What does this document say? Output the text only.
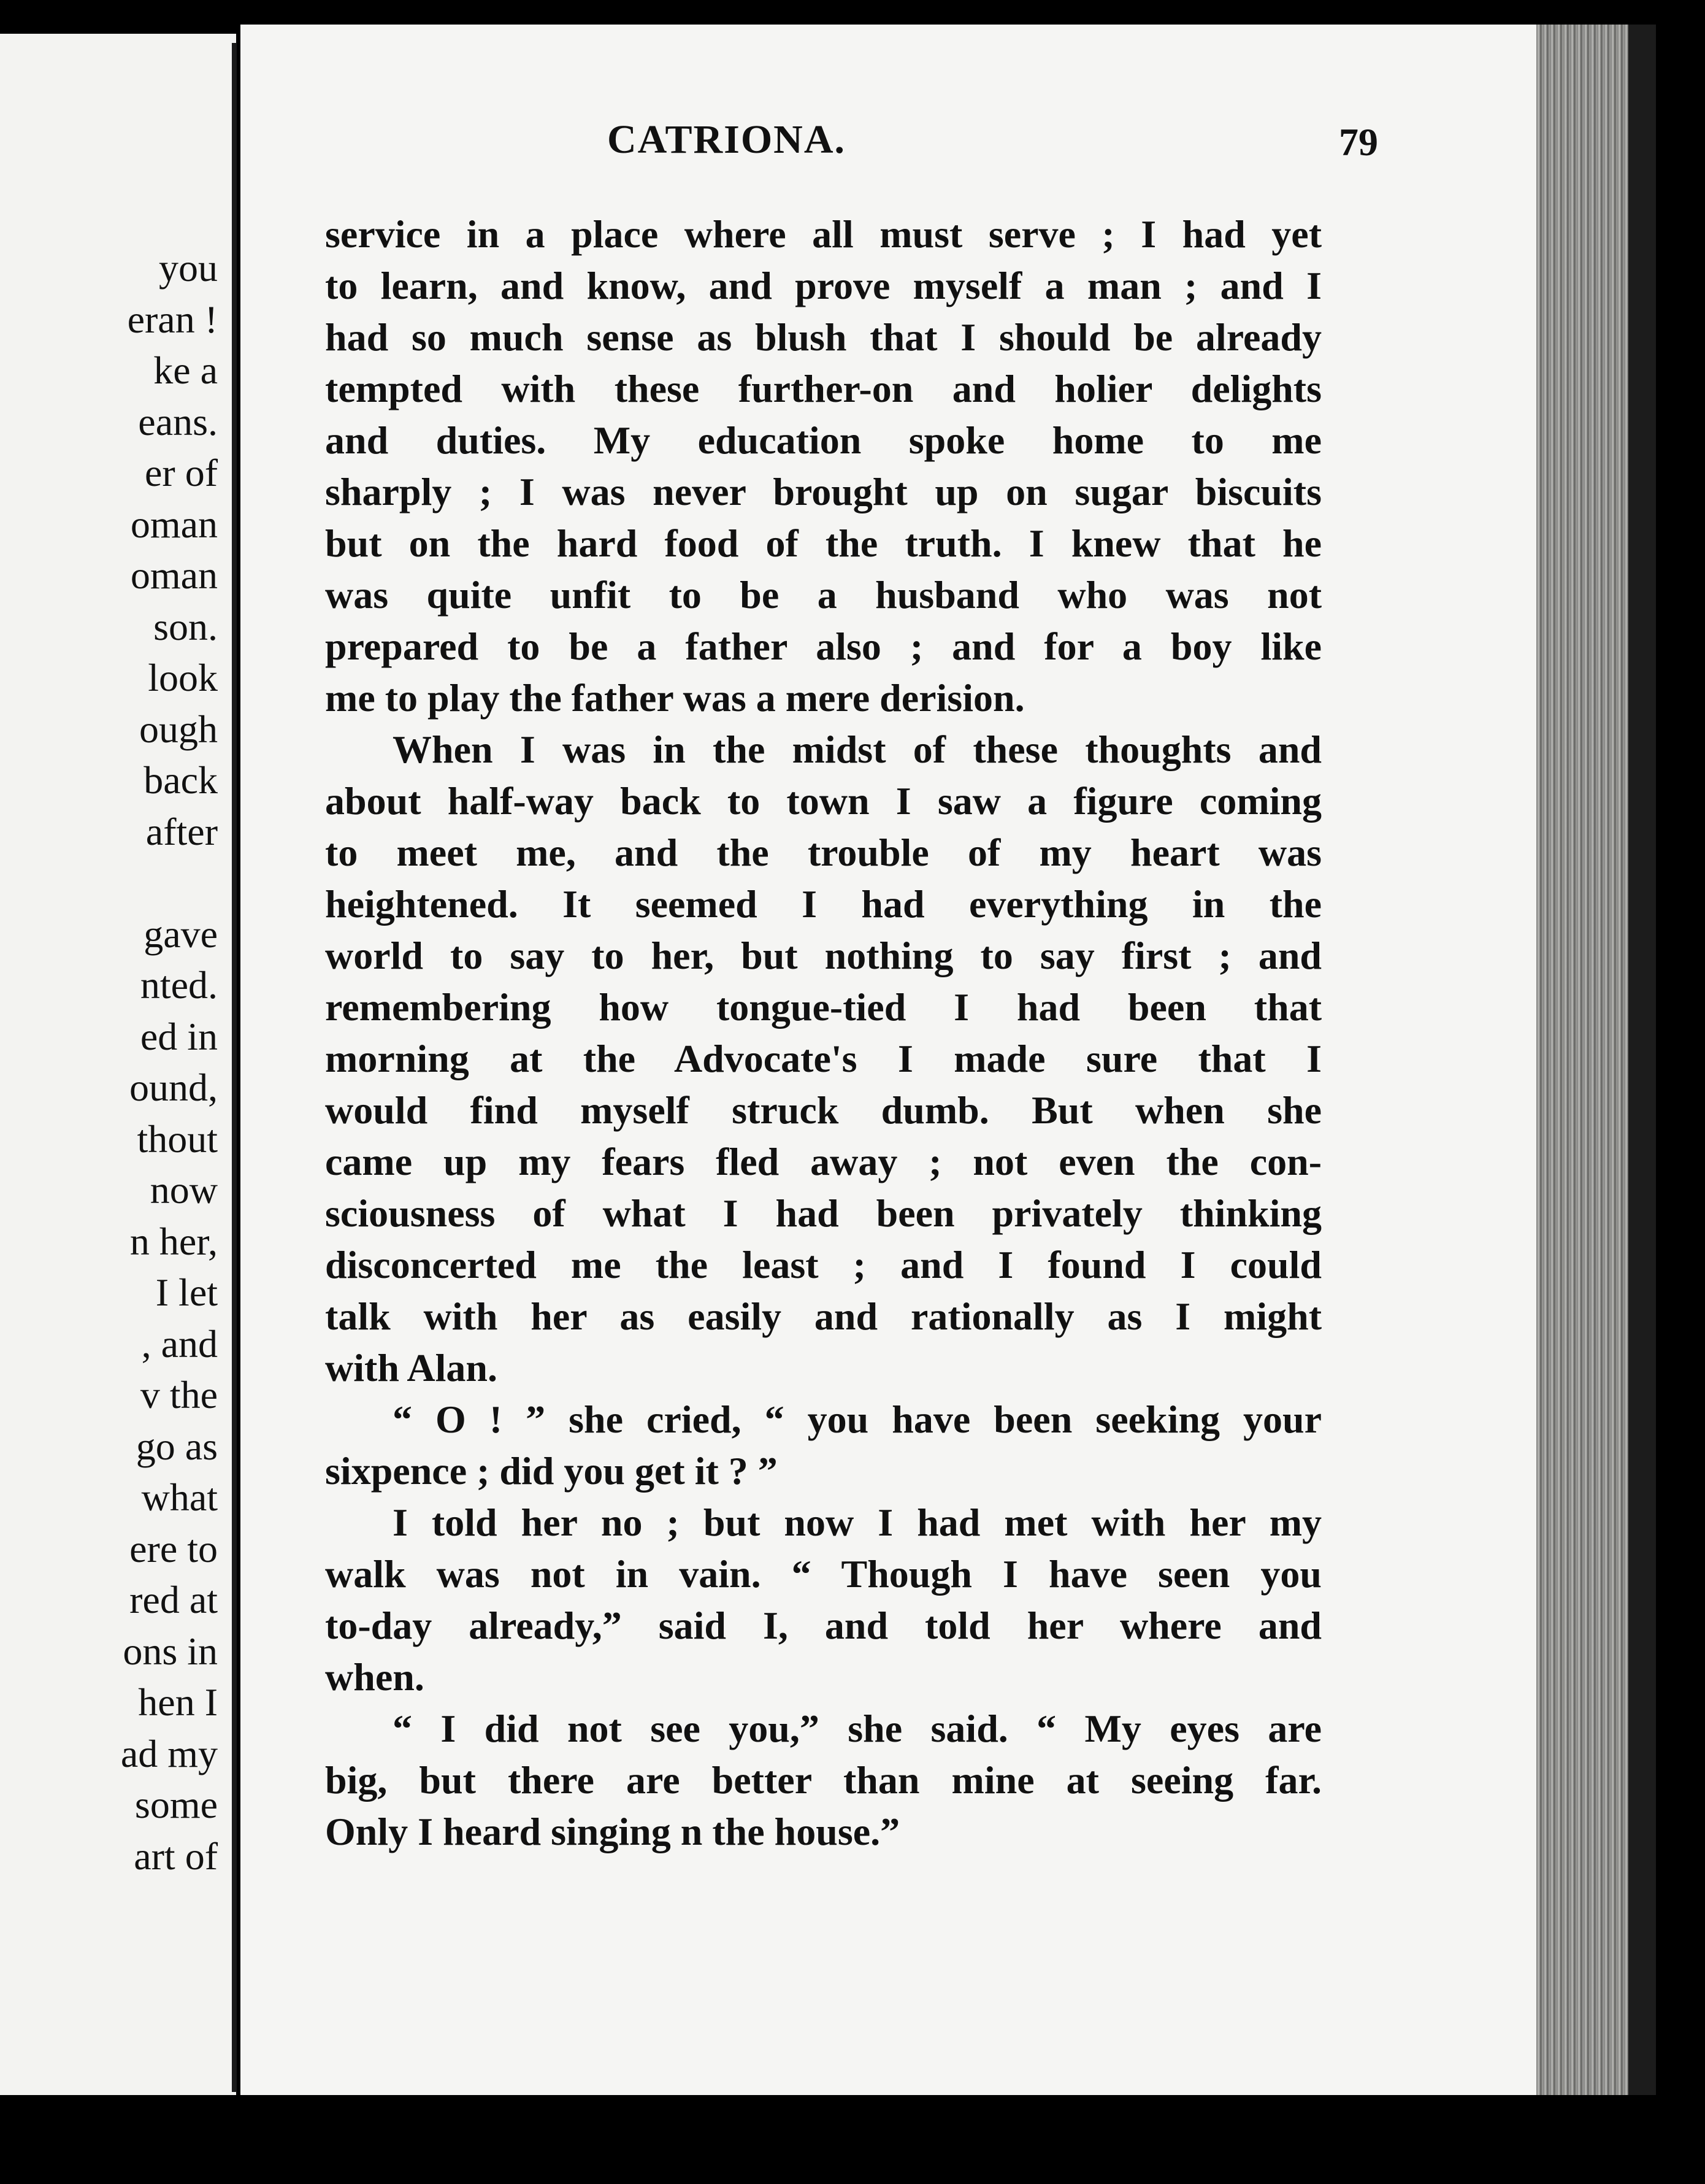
you
eran !
ke a
eans.
er of
oman
oman
son.
look
ough
back
after

gave
nted.
ed in
ound,
thout
now
n her,
I let
, and
v the
go as
what
ere to
red at
ons in
hen I
ad my
some
art of
CATRIONA.	79
service in a place where all must serve ; I had yet
to learn, and know, and prove myself a man ; and I
had so much sense as blush that I should be already
tempted with these further-on and holier delights
and duties. My education spoke home to me
sharply ; I was never brought up on sugar biscuits
but on the hard food of the truth. I knew that he
was quite unfit to be a husband who was not
prepared to be a father also ; and for a boy like
me to play the father was a mere derision.
When I was in the midst of these thoughts and
about half-way back to town I saw a figure coming
to meet me, and the trouble of my heart was
heightened. It seemed I had everything in the
world to say to her, but nothing to say first ; and
remembering how tongue-tied I had been that
morning at the Advocate's I made sure that I
would find myself struck dumb. But when she
came up my fears fled away ; not even the con-
sciousness of what I had been privately thinking
disconcerted me the least ; and I found I could
talk with her as easily and rationally as I might
with Alan.
“ O ! ” she cried, “ you have been seeking your
sixpence ; did you get it ? ”
I told her no ; but now I had met with her my
walk was not in vain. “ Though I have seen you
to-day already,” said I, and told her where and
when.
“ I did not see you,” she said. “ My eyes are
big, but there are better than mine at seeing far.
Only I heard singing n the house.”
